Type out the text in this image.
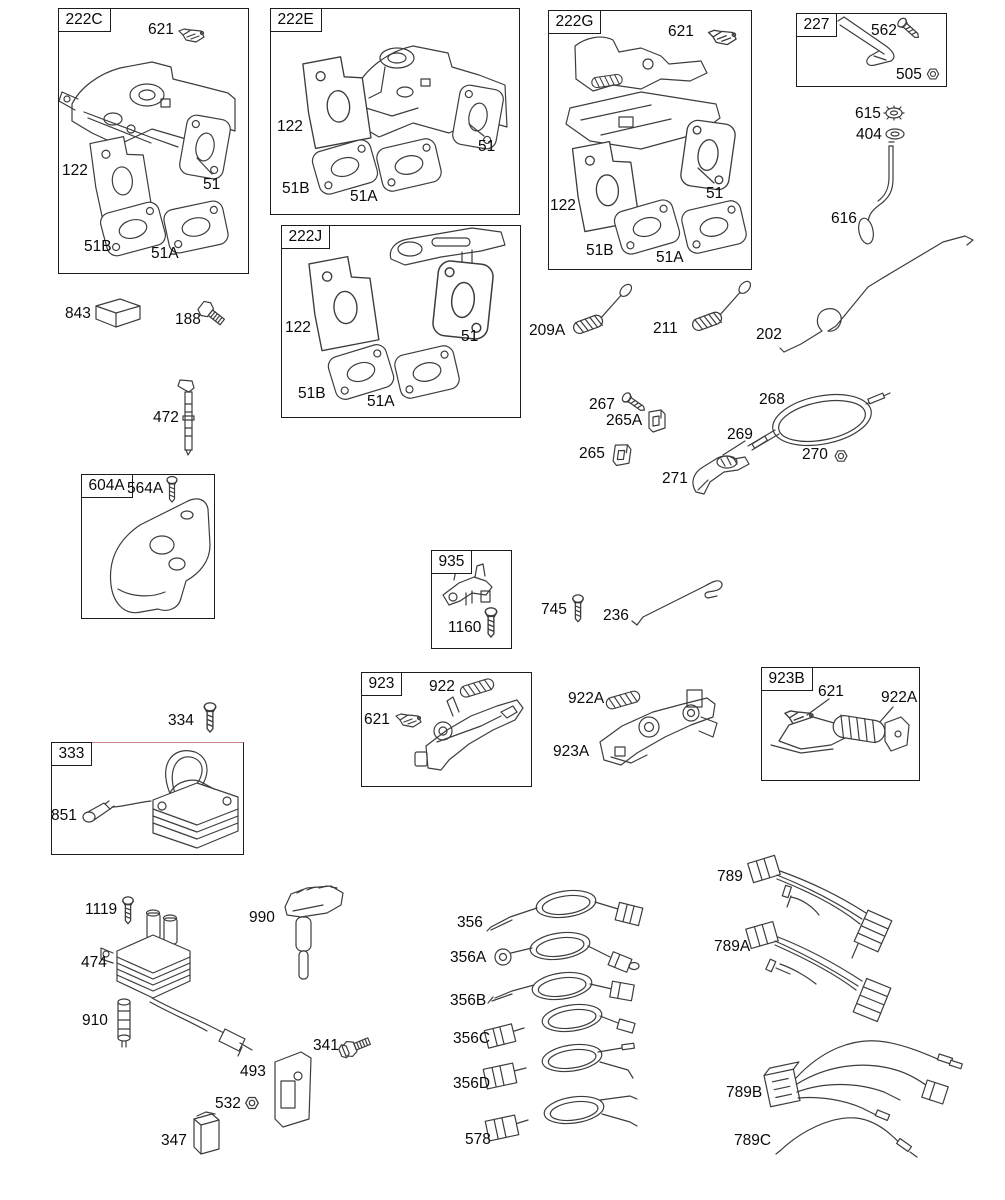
222C	222E	222G	227
222J
604A
935
923	923B
333
621
122
51
51B	51A
122
51B	51A
51
621
122
51
51B	51A
562
505
615
404
616
122
51
51B	51A
843	188
472
209A	211	202
267
265A
265
268
269
270
271
564A
1160
745 236
922
621
922A
923A
621 922A
334
851
1119	990
474
910
341
493
532
347
356
356A
356B
356C
356D
578
789
789A
789B
789C
